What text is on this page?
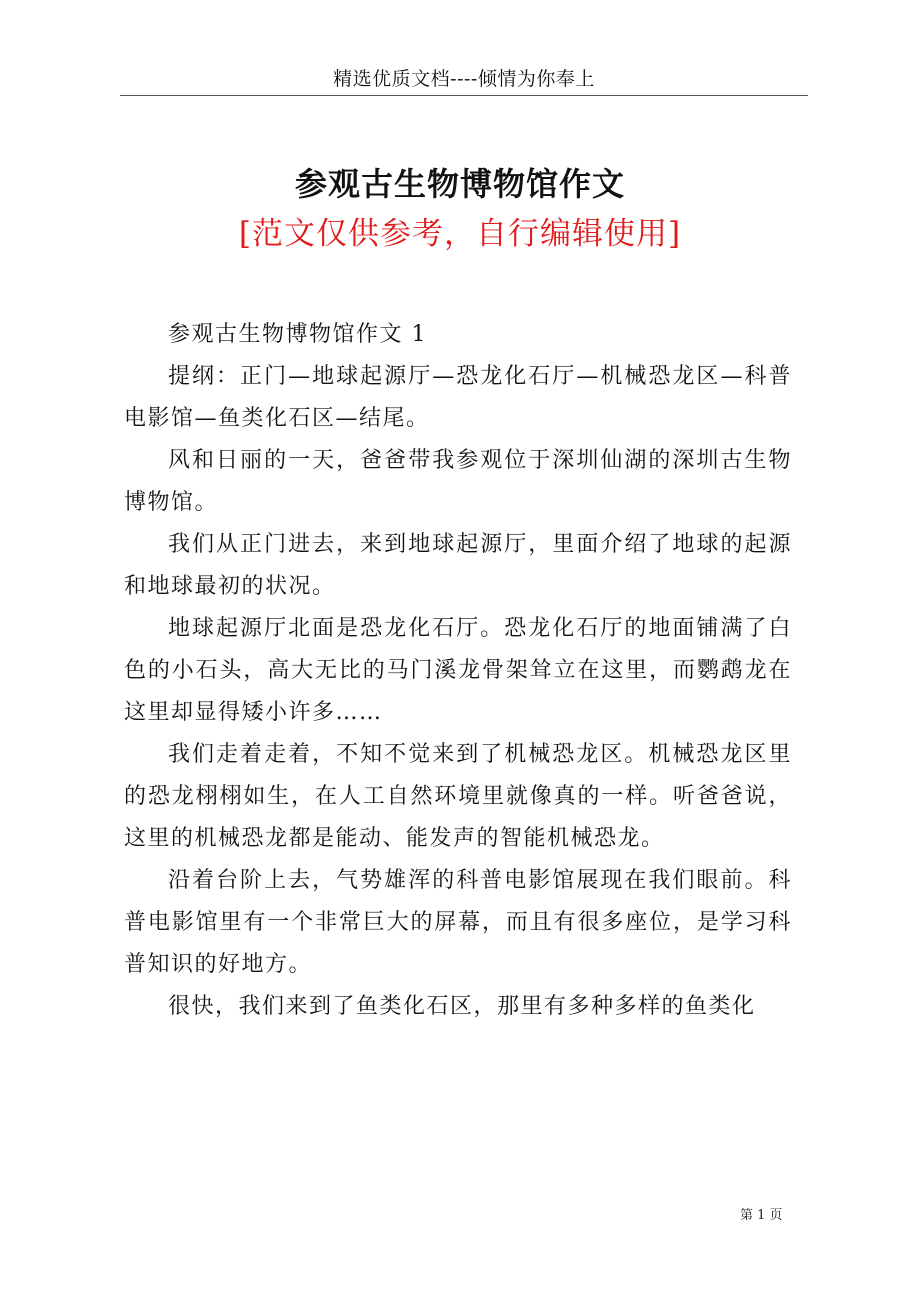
精选优质文档----倾情为你奉上
参观古生物博物馆作文
[范文仅供参考，自行编辑使用]

参观古生物博物馆作文 1

提纲：正门—地球起源厅—恐龙化石厅—机械恐龙区—科普电影馆—鱼类化石区—结尾。

风和日丽的一天，爸爸带我参观位于深圳仙湖的深圳古生物博物馆。

我们从正门进去，来到地球起源厅，里面介绍了地球的起源和地球最初的状况。

地球起源厅北面是恐龙化石厅。恐龙化石厅的地面铺满了白色的小石头，高大无比的马门溪龙骨架耸立在这里，而鹦鹉龙在这里却显得矮小许多……

我们走着走着，不知不觉来到了机械恐龙区。机械恐龙区里的恐龙栩栩如生，在人工自然环境里就像真的一样。听爸爸说，这里的机械恐龙都是能动、能发声的智能机械恐龙。

沿着台阶上去，气势雄浑的科普电影馆展现在我们眼前。科普电影馆里有一个非常巨大的屏幕，而且有很多座位，是学习科普知识的好地方。

很快，我们来到了鱼类化石区，那里有多种多样的鱼类化

第 1 页
